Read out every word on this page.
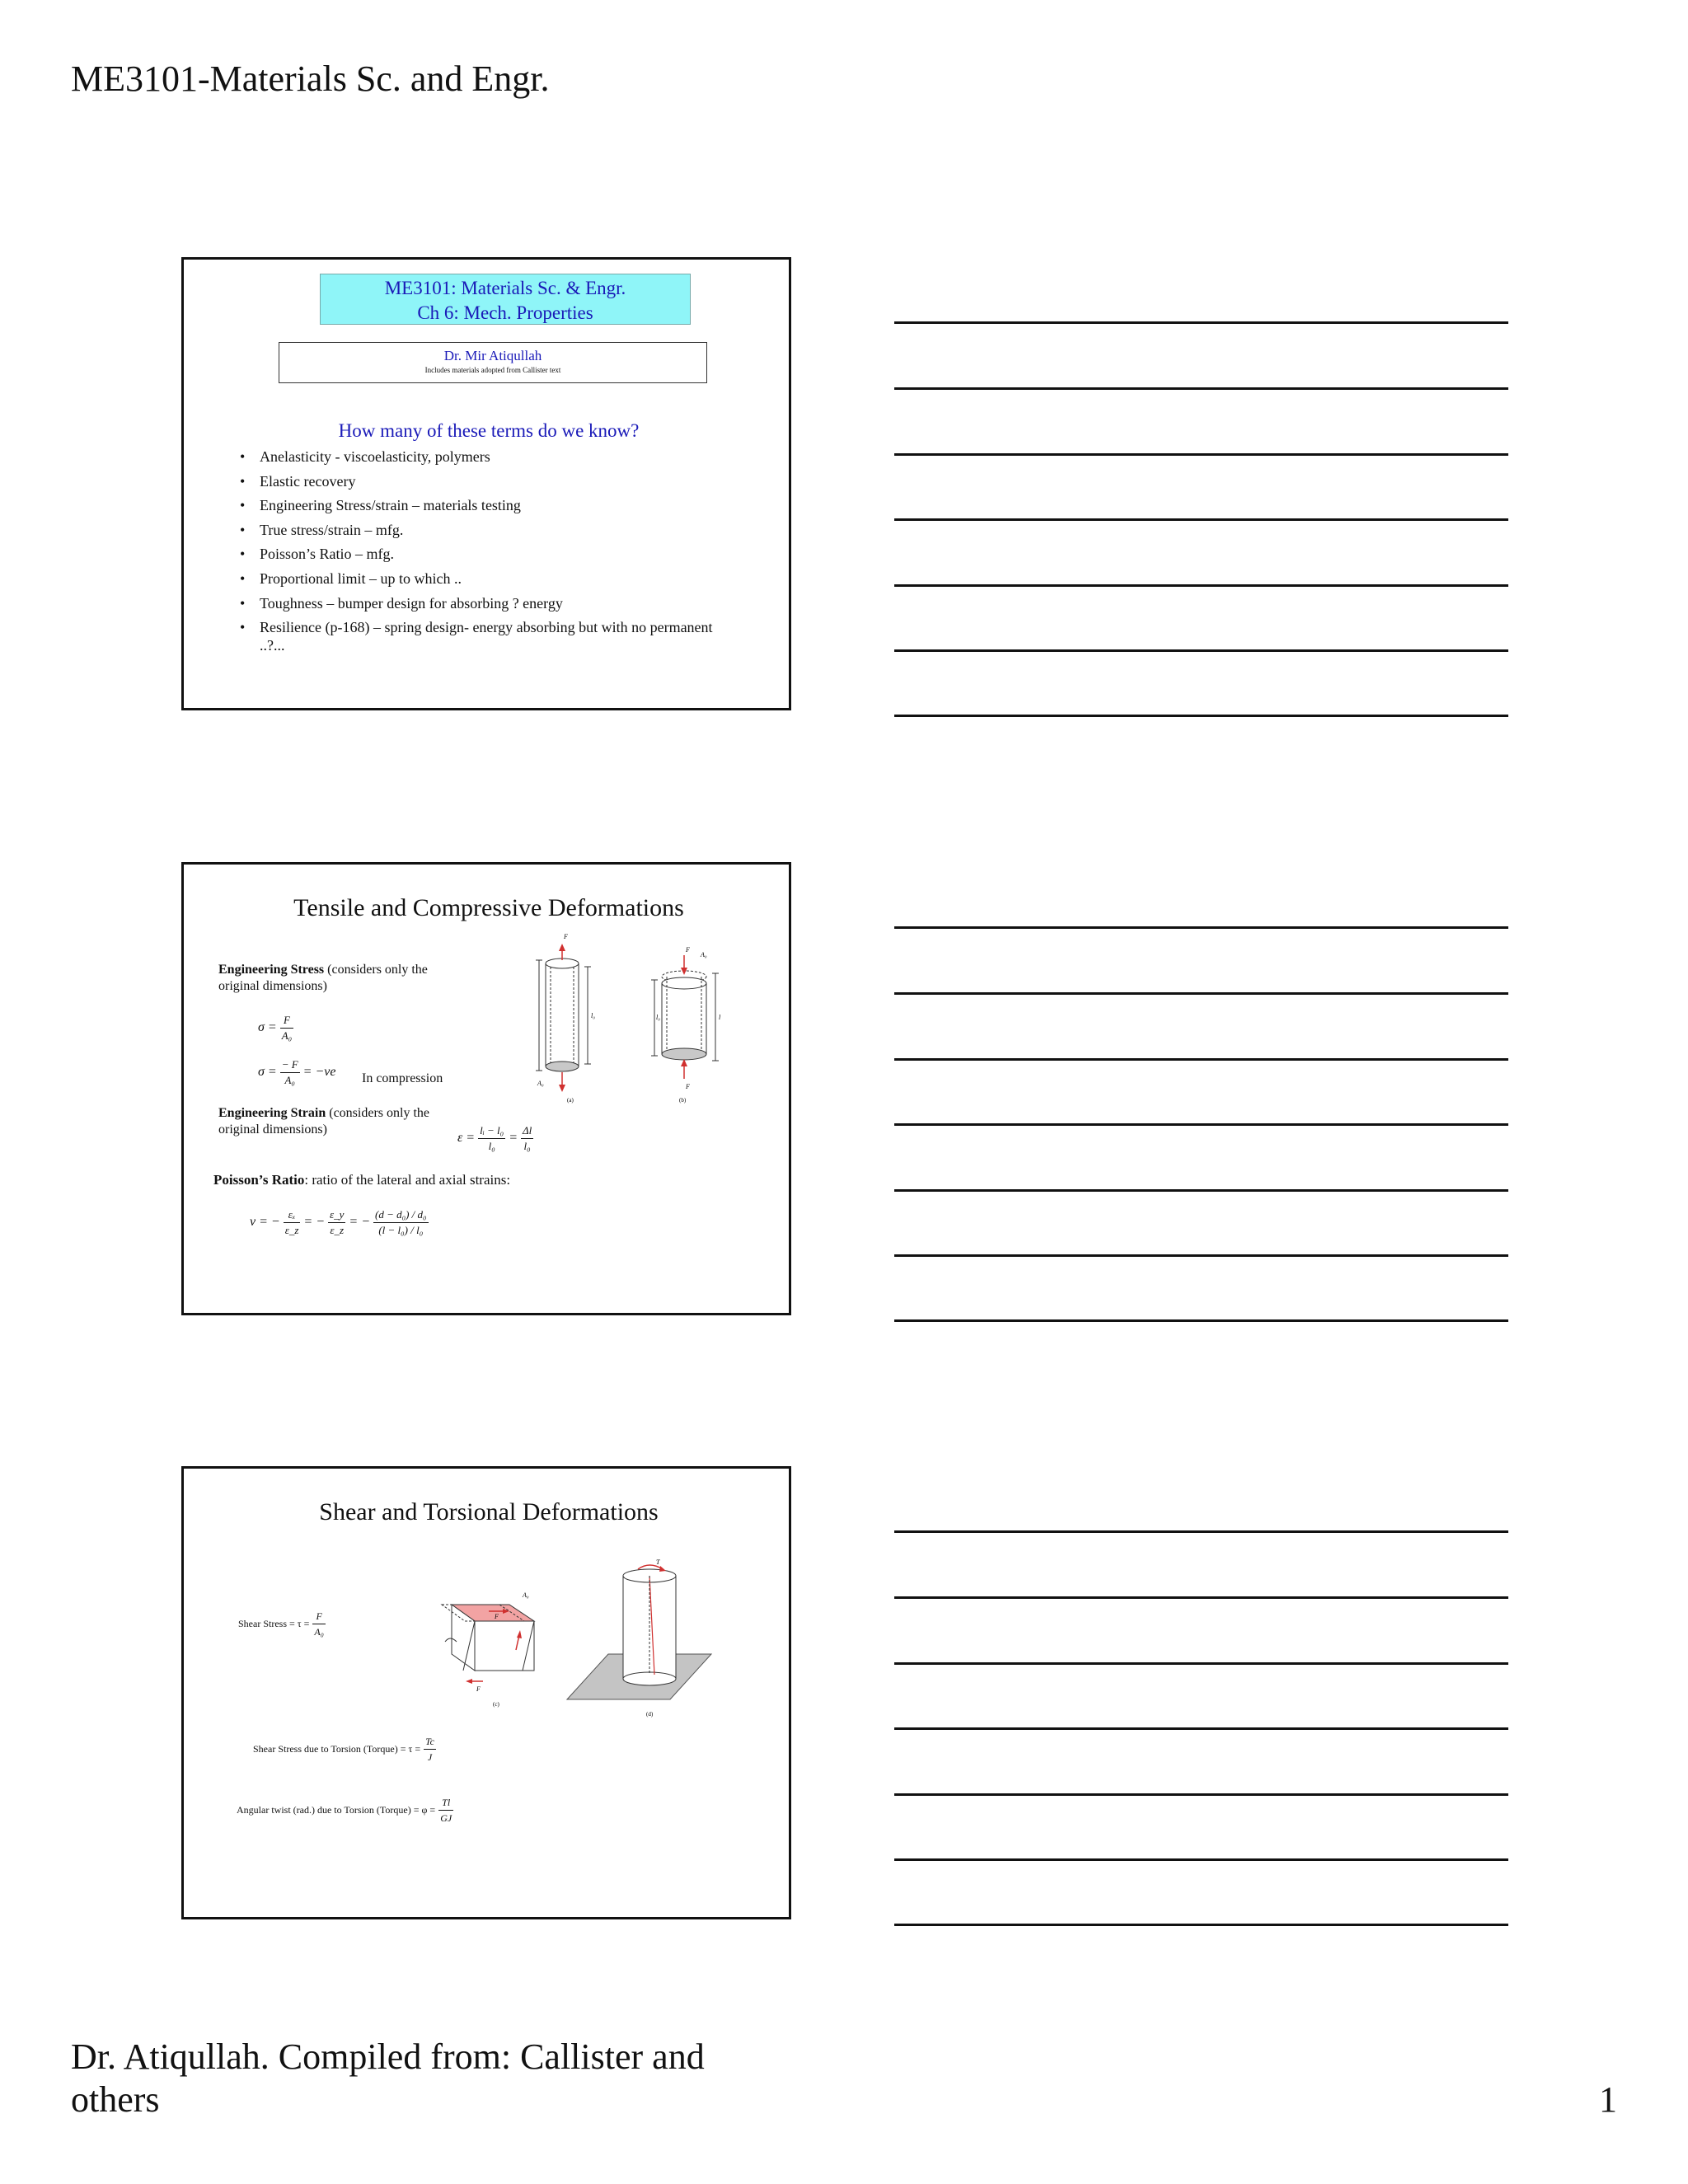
ME3101-Materials Sc. and Engr.
ME3101: Materials Sc. & Engr.
Ch 6: Mech. Properties
Dr. Mir Atiqullah
Includes materials adopted from Callister text
How many of these terms do we know?
• Anelasticity - viscoelasticity, polymers
• Elastic recovery
• Engineering Stress/strain – materials testing
• True stress/strain – mfg.
• Poisson’s Ratio – mfg.
• Proportional limit – up to which ..
• Toughness – bumper design for absorbing ? energy
• Resilience (p-168) – spring design- energy absorbing but with no permanent ..?...
Tensile and Compressive Deformations
Engineering Stress (considers only the original dimensions)
$\sigma = \frac{F}{\text{A₀}}$
$\sigma = \frac{- F}{\text{A₀}} = -ve$ In compression
Engineering Strain (considers only the original dimensions)
$\varepsilon = \frac{\text{lᵢ − l₀}}{\text{l₀}} = \frac{\Delta l}{\text{l₀}}$
Poisson’s Ratio: ratio of the lateral and axial strains:
ν = − $\frac{\text{εₓ}}{\varepsilon\_z}$ = − $\frac{\varepsilon\_y}{\varepsilon\_z}$ = − $\frac{\text{(d − d₀) / d₀}}{\text{(l − l₀) / l₀}}$
F
l₀
A₀
(a)
F
A₀
l₀	l
F
(b)
Shear and Torsional Deformations
Shear Stress = $\tau = \frac{F}{\text{A₀}}$
Shear Stress due to Torsion (Torque) = $\tau = \frac{Tc}{J}$
Angular twist (rad.) due to Torsion (Torque) = $\varphi = \frac{Tl}{GJ}$
A₀
F
F
(c)
T
(d)
Dr. Atiqullah. Compiled from: Callister and others	1
